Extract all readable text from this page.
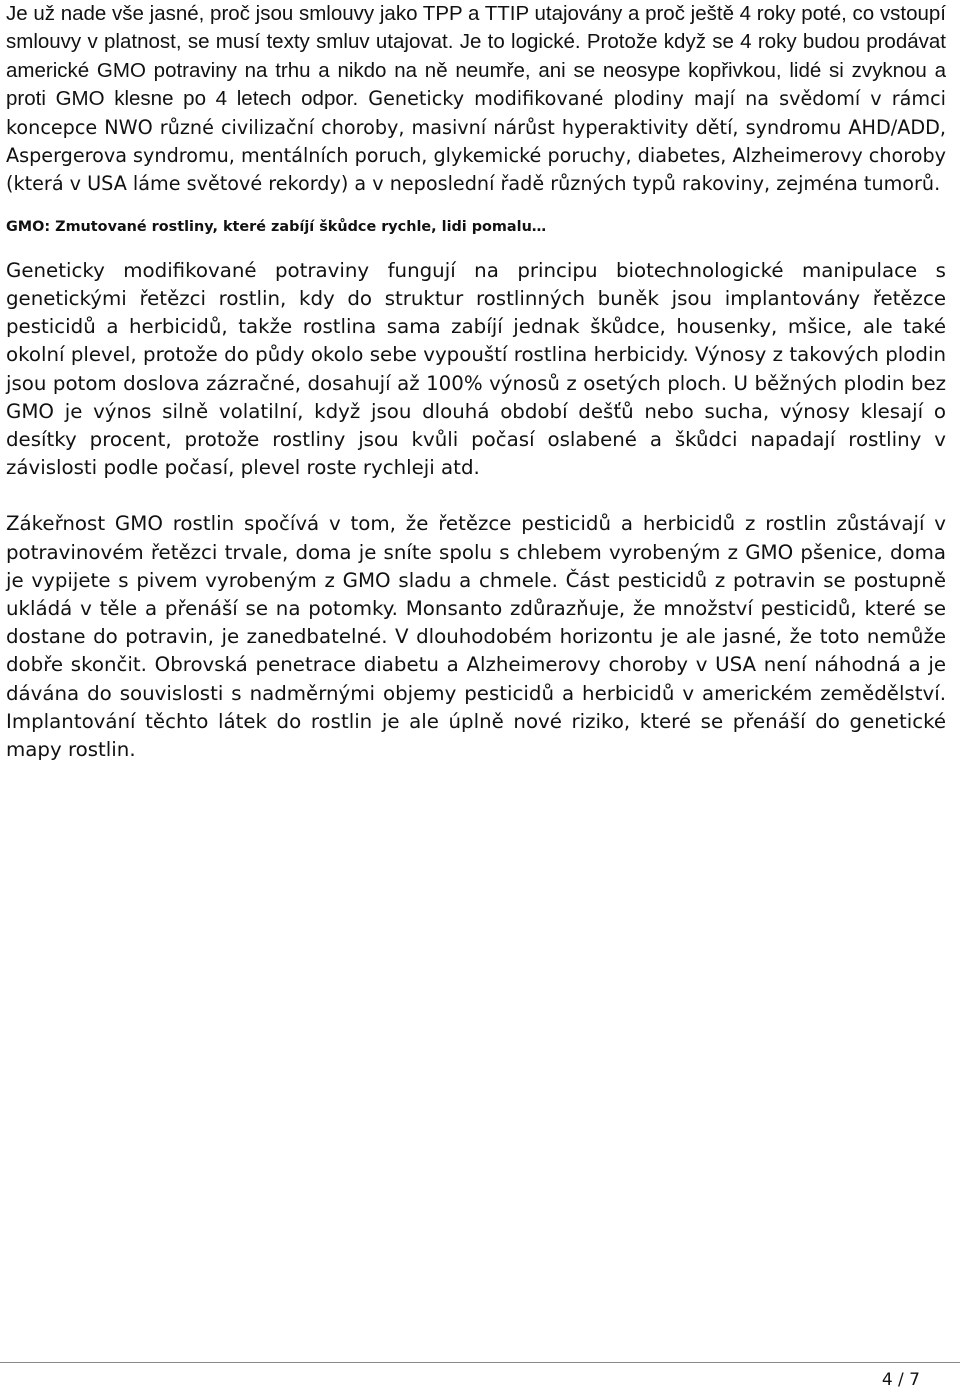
Je už nade vše jasné, proč jsou smlouvy jako TPP a TTIP utajovány a proč ještě 4 roky poté, co vstoupí smlouvy v platnost, se musí texty smluv utajovat. Je to logické. Protože když se 4 roky budou prodávat americké GMO potraviny na trhu a nikdo na ně neumře, ani se neosype kopřivkou, lidé si zvyknou a proti GMO klesne po 4 letech odpor. Geneticky modifikované plodiny mají na svědomí v rámci koncepce NWO různé civilizační choroby, masivní nárůst hyperaktivity dětí, syndromu AHD/ADD, Aspergerova syndromu, mentálních poruch, glykemické poruchy, diabetes, Alzheimerovy choroby (která v USA láme světové rekordy) a v neposlední řadě různých typů rakoviny, zejména tumorů.

GMO: Zmutované rostliny, které zabíjí škůdce rychle, lidi pomalu…

Geneticky modifikované potraviny fungují na principu biotechnologické manipulace s genetickými řetězci rostlin, kdy do struktur rostlinných buněk jsou implantovány řetězce pesticidů a herbicidů, takže rostlina sama zabíjí jednak škůdce, housenky, mšice, ale také okolní plevel, protože do půdy okolo sebe vypouští rostlina herbicidy. Výnosy z takových plodin jsou potom doslova zázračné, dosahují až 100% výnosů z osetých ploch. U běžných plodin bez GMO je výnos silně volatilní, když jsou dlouhá období dešťů nebo sucha, výnosy klesají o desítky procent, protože rostliny jsou kvůli počasí oslabené a škůdci napadají rostliny v závislosti podle počasí, plevel roste rychleji atd.

Zákeřnost GMO rostlin spočívá v tom, že řetězce pesticidů a herbicidů z rostlin zůstávají v potravinovém řetězci trvale, doma je sníte spolu s chlebem vyrobeným z GMO pšenice, doma je vypijete s pivem vyrobeným z GMO sladu a chmele. Část pesticidů z potravin se postupně ukládá v těle a přenáší se na potomky. Monsanto zdůrazňuje, že množství pesticidů, které se dostane do potravin, je zanedbatelné. V dlouhodobém horizontu je ale jasné, že toto nemůže dobře skončit. Obrovská penetrace diabetu a Alzheimerovy choroby v USA není náhodná a je dávána do souvislosti s nadměrnými objemy pesticidů a herbicidů v americkém zemědělství. Implantování těchto látek do rostlin je ale úplně nové riziko, které se přenáší do genetické mapy rostlin.

4 / 7
